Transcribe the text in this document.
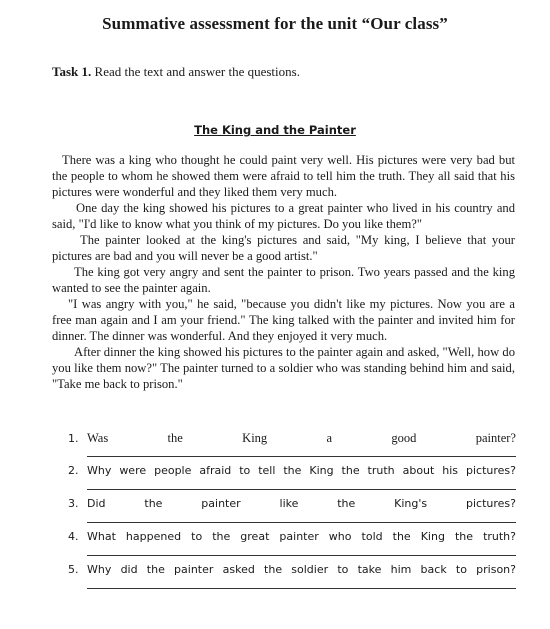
Summative assessment for the unit “Our class”
Task 1. Read the text and answer the questions.
The King and the Painter

There was a king who thought he could paint very well. His pictures were very bad but the people to whom he showed them were afraid to tell him the truth. They all said that his pictures were wonderful and they liked them very much.

One day the king showed his pictures to a great painter who lived in his country and said, "I'd like to know what you think of my pictures. Do you like them?"

The painter looked at the king's pictures and said, "My king, I believe that your pictures are bad and you will never be a good artist."

The king got very angry and sent the painter to prison. Two years passed and the king wanted to see the painter again.

"I was angry with you," he said, "because you didn't like my pictures. Now you are a free man again and I am your friend." The king talked with the painter and invited him for dinner. The dinner was wonderful. And they enjoyed it very much.

After dinner the king showed his pictures to the painter again and asked, "Well, how do you like them now?" The painter turned to a soldier who was standing behind him and said, "Take me back to prison."

1. Was the King a good painter?
2. Why were people afraid to tell the King the truth about his pictures?
3. Did the painter like the King's pictures?
4. What happened to the great painter who told the King the truth?
5. Why did the painter asked the soldier to take him back to prison?
